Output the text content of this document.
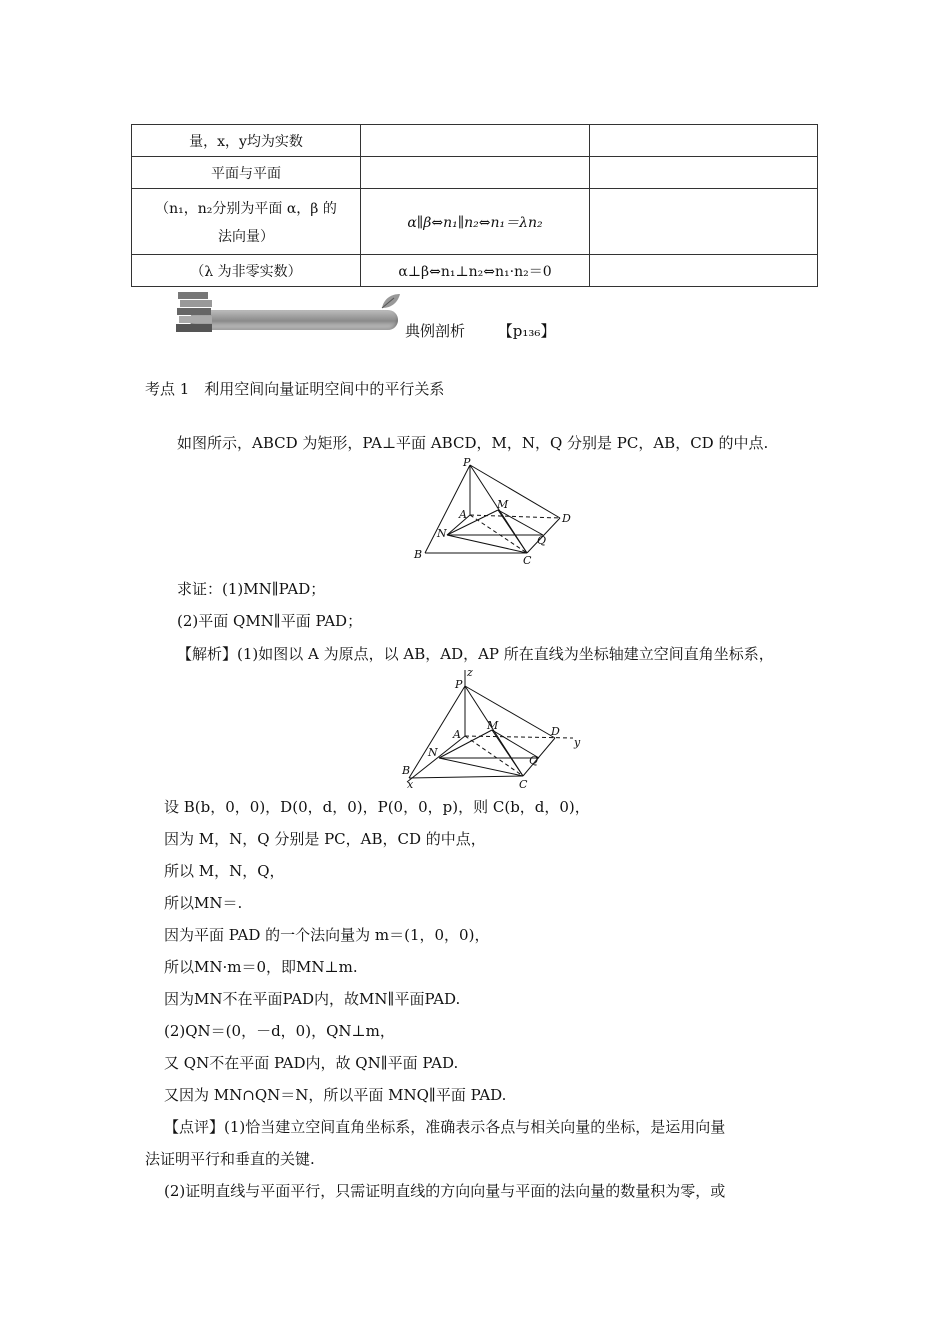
量，x，y均为实数		
平面与平面		

（n₁，n₂分别为平面 α，β 的
法向量）	α∥β⇔n₁∥n₂⇔n₁＝λn₂	
（λ 为非零实数）	α⊥β⇔n₁⊥n₂⇔n₁·n₂＝0	
典例剖析 【p₁₃₆】
考点 1　利用空间向量证明空间中的平行关系
如图所示，ABCD 为矩形，PA⊥平面 ABCD，M，N，Q 分别是 PC，AB，CD 的中点.
P
A
M
D
N
Q
B	C
求证：(1)MN∥PAD；
(2)平面 QMN∥平面 PAD；
【解析】(1)如图以 A 为原点，以 AB，AD，AP 所在直线为坐标轴建立空间直角坐标系，
P
z
A
M	D
y
N
Q
B
x	C
设 B(b，0，0)，D(0，d，0)，P(0，0，p)，则 C(b，d，0)，
因为 M，N，Q 分别是 PC，AB，CD 的中点，
所以 M，N，Q，
所以MN＝.
因为平面 PAD 的一个法向量为 m＝(1，0，0)，
所以MN·m＝0，即MN⊥m.
因为MN不在平面PAD内，故MN∥平面PAD.
(2)QN＝(0，－d，0)，QN⊥m，
又 QN不在平面 PAD内，故 QN∥平面 PAD.
又因为 MN∩QN＝N，所以平面 MNQ∥平面 PAD.
【点评】(1)恰当建立空间直角坐标系，准确表示各点与相关向量的坐标，是运用向量
法证明平行和垂直的关键.
(2)证明直线与平面平行，只需证明直线的方向向量与平面的法向量的数量积为零，或
